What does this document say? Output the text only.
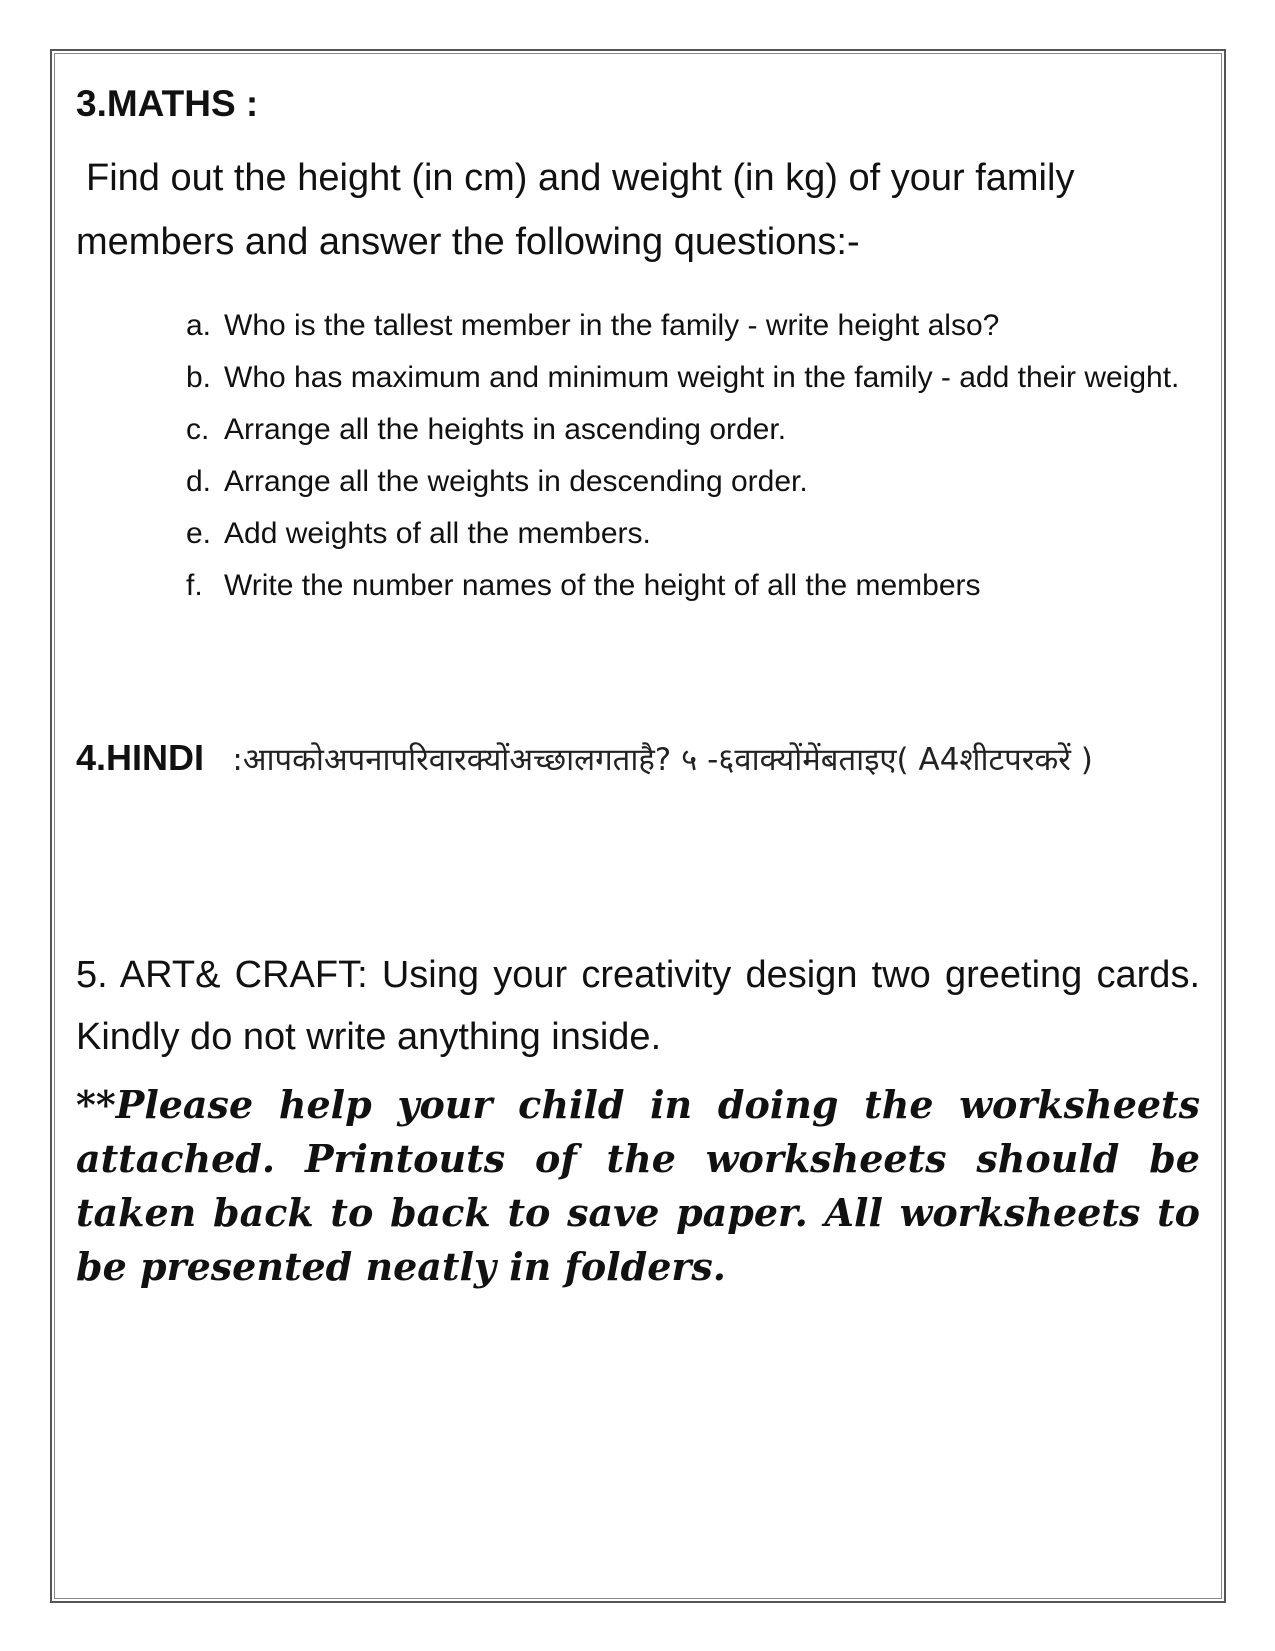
3.MATHS :

Find out the height (in cm) and weight (in kg) of your family members and answer the following questions:-

a. Who is the tallest member in the family - write height also?
b. Who has maximum and minimum weight in the family - add their weight.
c. Arrange all the heights in ascending order.
d. Arrange all the weights in descending order.
e. Add weights of all the members.
f. Write the number names of the height of all the members
4.HINDI :आपकोअपनापरिवारक्योंअच्छालगताहै? ५ -६वाक्योंमेंबताइए( A4शीटपरकरें )
5. ART& CRAFT: Using your creativity design two greeting cards. Kindly do not write anything inside.
**Please help your child in doing the worksheets attached. Printouts of the worksheets should be taken back to back to save paper. All worksheets to be presented neatly in folders.
